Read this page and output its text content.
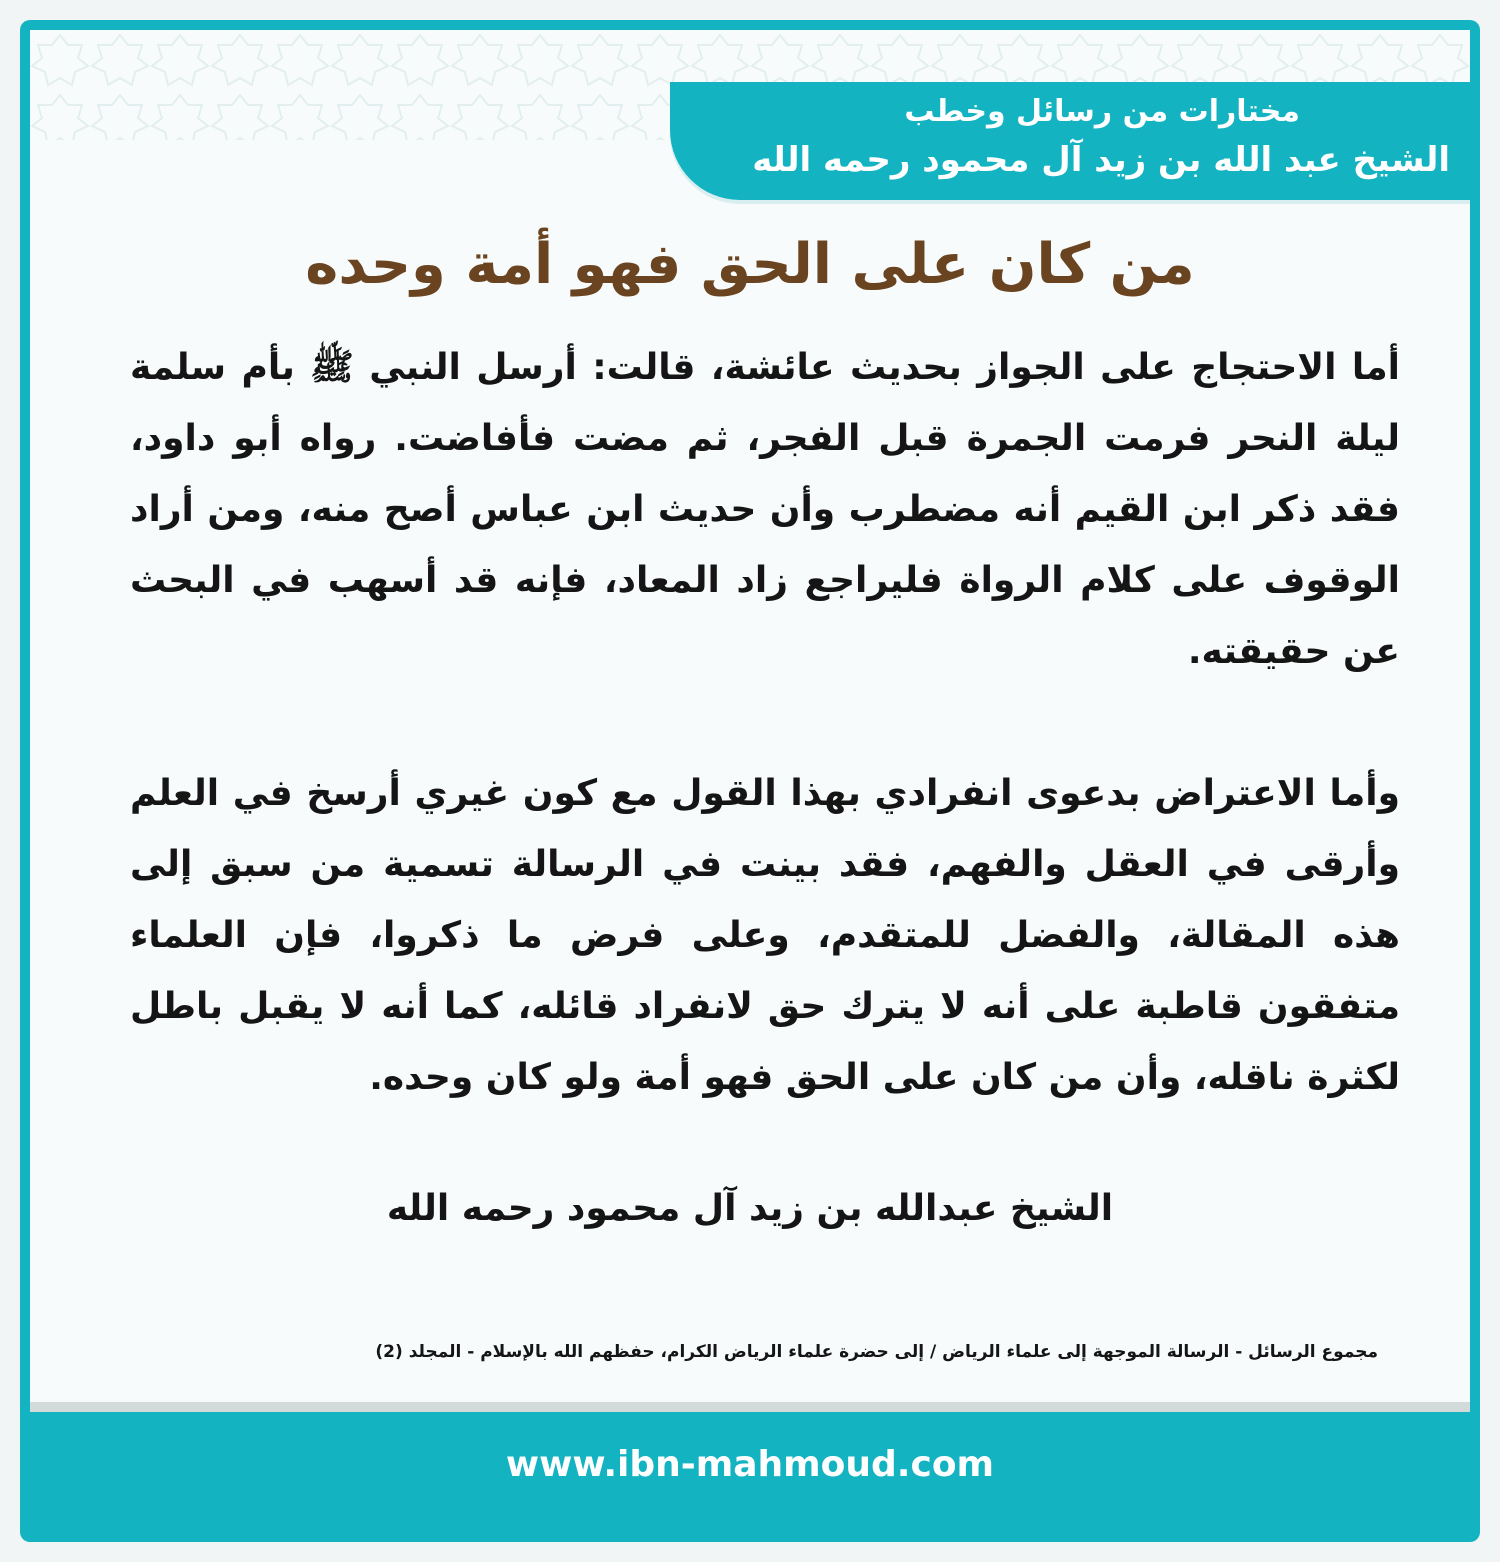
مختارات من رسائل وخطب
الشيخ عبد الله بن زيد آل محمود رحمه الله
من كان على الحق فهو أمة وحده

أما الاحتجاج على الجواز بحديث عائشة، قالت: أرسل النبي ﷺ بأم سلمة ليلة النحر فرمت الجمرة قبل الفجر، ثم مضت فأفاضت. رواه أبو داود، فقد ذكر ابن القيم أنه مضطرب وأن حديث ابن عباس أصح منه، ومن أراد الوقوف على كلام الرواة فليراجع زاد المعاد، فإنه قد أسهب في البحث عن حقيقته.

وأما الاعتراض بدعوى انفرادي بهذا القول مع كون غيري أرسخ في العلم وأرقى في العقل والفهم، فقد بينت في الرسالة تسمية من سبق إلى هذه المقالة، والفضل للمتقدم، وعلى فرض ما ذكروا، فإن العلماء متفقون قاطبة على أنه لا يترك حق لانفراد قائله، كما أنه لا يقبل باطل لكثرة ناقله، وأن من كان على الحق فهو أمة ولو كان وحده.

الشيخ عبدالله بن زيد آل محمود رحمه الله
مجموع الرسائل - الرسالة الموجهة إلى علماء الرياض / إلى حضرة علماء الرياض الكرام، حفظهم الله بالإسلام - المجلد (2)
www.ibn-mahmoud.com
